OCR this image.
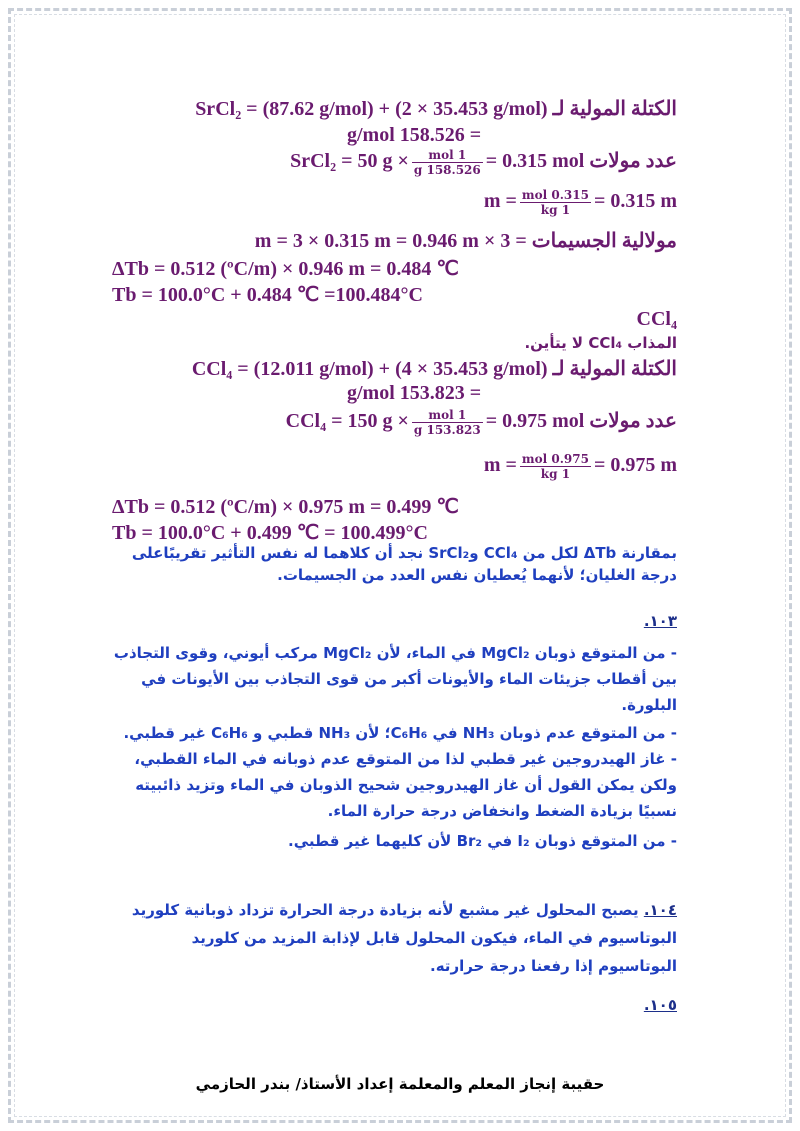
الكتلة المولية لـ SrCl₂ = (87.62 g/mol) + (2 × 35.453 g/mol)
= 158.526 g/mol
عدد مولات SrCl₂ = 50 g ×
$\frac{\text{1 mol}}{158.526 g} = 0.315$ mol
$m = \frac{\text{0.315 mol}}{1 kg} = 0.315$ m
مولالية الجسيمات = 3 × m = 3 × 0.315 m = 0.946 m
ΔTb = 0.512 (ºC/m) × 0.946 m = 0.484 ℃
Tb = 100.0°C + 0.484 ℃ =100.484°C
CCl₄
المذاب CCl₄ لا يتأين.
الكتلة المولية لـ CCl₄ = (12.011 g/mol) + (4 × 35.453 g/mol)
= 153.823 g/mol
عدد مولات CCl₄ = 150 g ×
$\frac{\text{1 mol}}{153.823 g} = 0.975$ mol
$m = \frac{\text{0.975 mol}}{1 kg} = 0.975$ m
ΔTb = 0.512 (ºC/m) × 0.975 m = 0.499 ℃
Tb = 100.0°C + 0.499 ℃ = 100.499°C
بمقارنة ΔTb لكل من CCl₄ وSrCl₂ نجد أن كلاهما له نفس التأثير تقريبًاعلى درجة الغليان؛ لأنهما يُعطيان نفس العدد من الجسيمات.
١٠٣.
- من المتوقع ذوبان MgCl₂ في الماء، لأن MgCl₂ مركب أيوني، وقوى التجاذب بين أقطاب جزيئات الماء والأيونات أكبر من قوى التجاذب بين الأيونات في البلورة.
- من المتوقع عدم ذوبان NH₃ في C₆H₆؛ لأن NH₃ قطبي و C₆H₆ غير قطبي.
- غاز الهيدروجين غير قطبي لذا من المتوقع عدم ذوبانه في الماء القطبي، ولكن يمكن القول أن غاز الهيدروجين شحيح الذوبان في الماء وتزيد ذائبيته نسبيًا بزيادة الضغط وانخفاض درجة حرارة الماء.
- من المتوقع ذوبان I₂ في Br₂ لأن كليهما غير قطبي.
١٠٤. يصبح المحلول غير مشبع لأنه بزيادة درجة الحرارة تزداد ذوبانية كلوريد البوتاسيوم في الماء، فيكون المحلول قابل لإذابة المزيد من كلوريد البوتاسيوم إذا رفعنا درجة حرارته.
١٠٥.
حقيبة إنجاز المعلم والمعلمة إعداد الأستاذ/ بندر الحازمي
